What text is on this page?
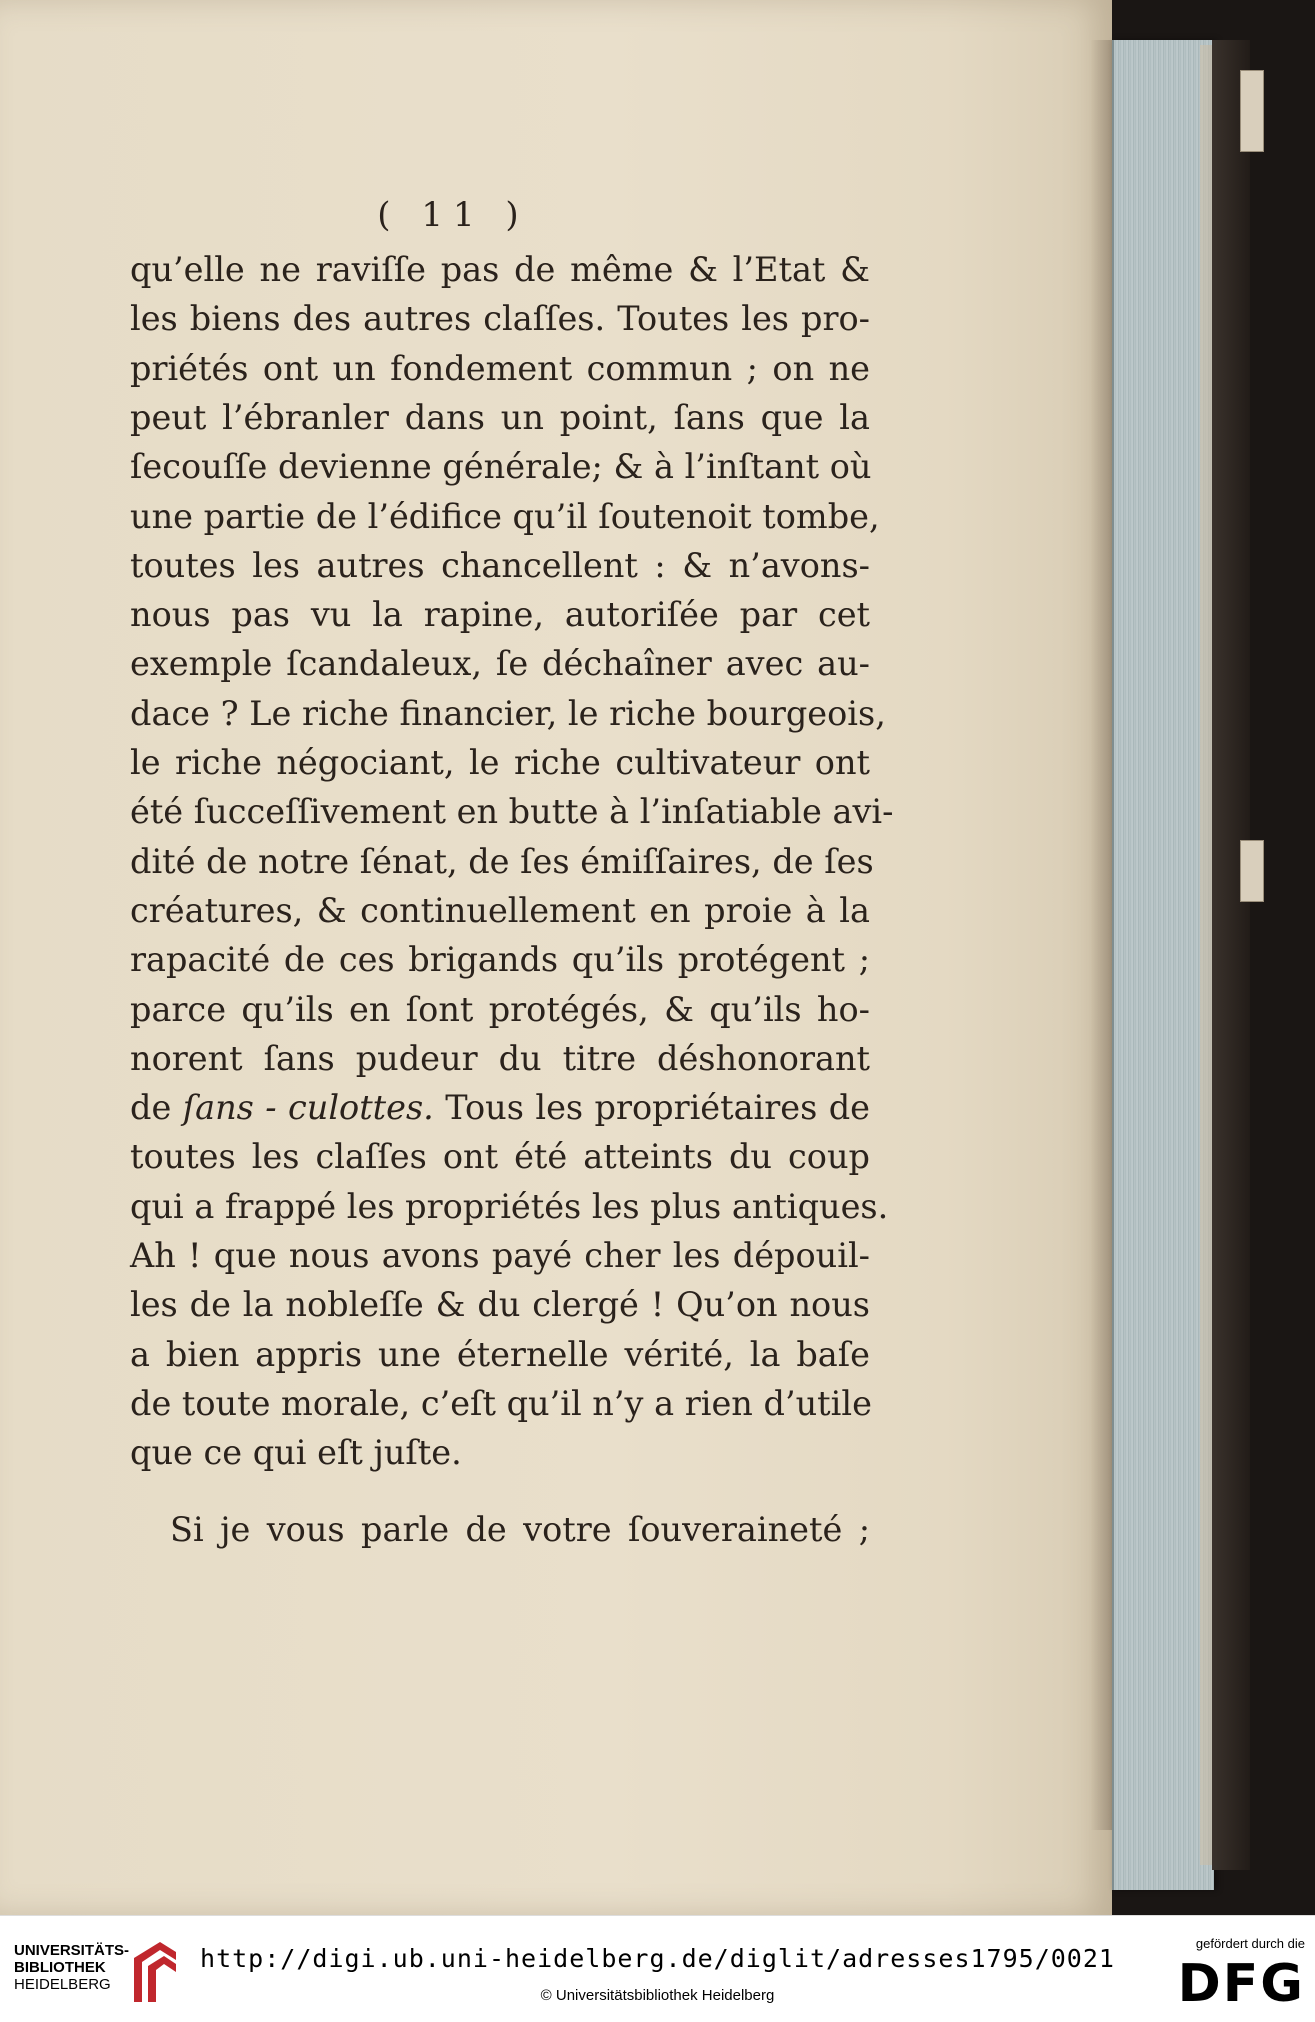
( 11 )
qu’elle ne raviſſe pas de même & l’Etat &
les biens des autres claſſes. Toutes les pro-
priétés ont un fondement commun ; on ne
peut l’ébranler dans un point, ſans que la
ſecouſſe devienne générale; & à l’inſtant où
une partie de l’édifice qu’il ſoutenoit tombe,
toutes les autres chancellent : & n’avons-
nous pas vu la rapine, autoriſée par cet
exemple ſcandaleux, ſe déchaîner avec au-
dace ? Le riche financier, le riche bourgeois,
le riche négociant, le riche cultivateur ont
été ſucceſſivement en butte à l’inſatiable avi-
dité de notre ſénat, de ſes émiſſaires, de ſes
créatures, & continuellement en proie à la
rapacité de ces brigands qu’ils protégent ;
parce qu’ils en ſont protégés, & qu’ils ho-
norent ſans pudeur du titre déshonorant
de ſans - culottes. Tous les propriétaires de
toutes les claſſes ont été atteints du coup
qui a frappé les propriétés les plus antiques.
Ah ! que nous avons payé cher les dépouil-
les de la nobleſſe & du clergé ! Qu’on nous
a bien appris une éternelle vérité, la baſe
de toute morale, c’eſt qu’il n’y a rien d’utile
que ce qui eſt juſte.
Si je vous parle de votre ſouveraineté ;
UNIVERSITÄTS-
BIBLIOTHEK
HEIDELBERG
http://digi.ub.uni-heidelberg.de/diglit/adresses1795/0021
© Universitätsbibliothek Heidelberg
gefördert durch die
DFG
